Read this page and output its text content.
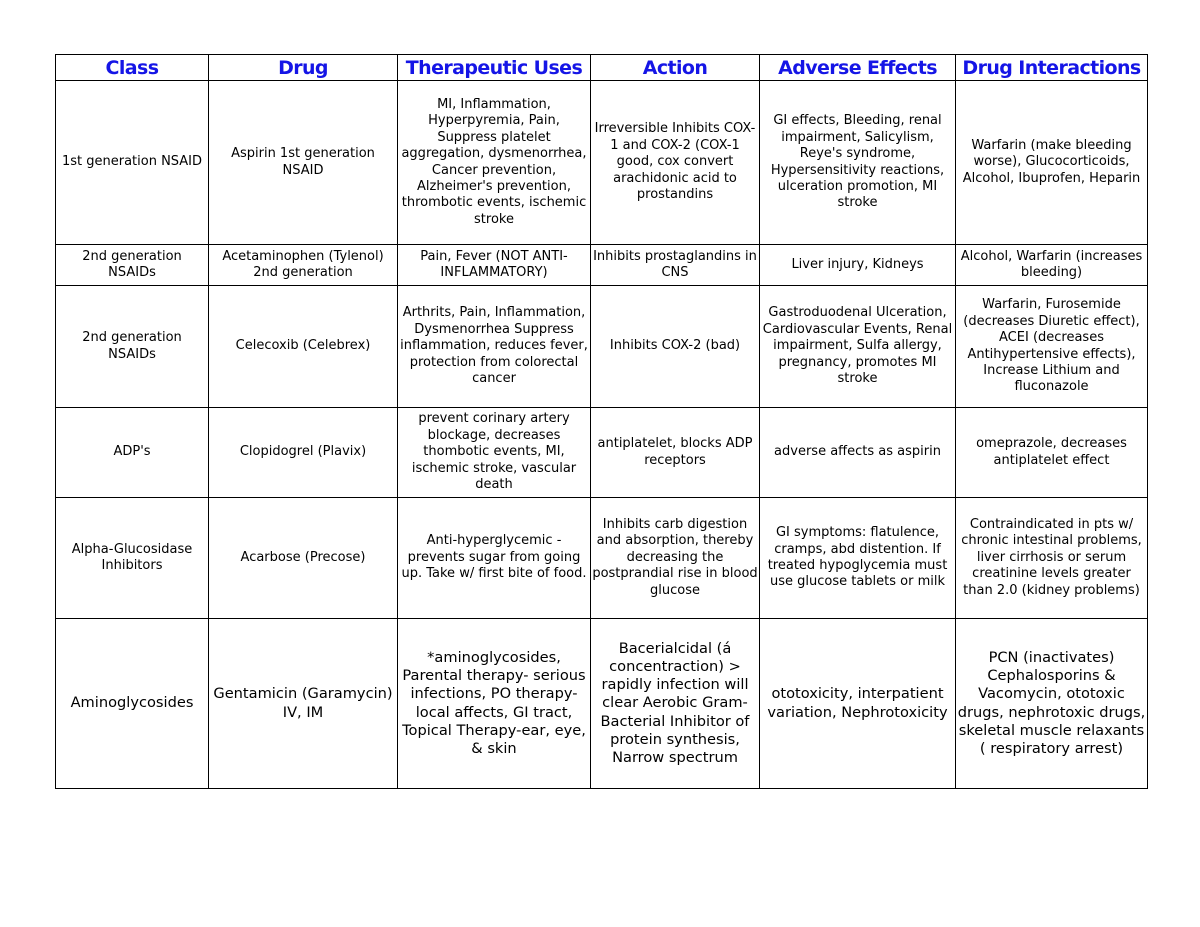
Class	Drug	Therapeutic Uses	Action	Adverse Effects	Drug Interactions
1st generation NSAID	Aspirin 1st generation NSAID	MI, Inflammation, Hyperpyremia, Pain, Suppress platelet aggregation, dysmenorrhea, Cancer prevention, Alzheimer's prevention, thrombotic events, ischemic stroke	Irreversible Inhibits COX-1 and COX-2 (COX-1 good, cox convert arachidonic acid to prostandins	GI effects, Bleeding, renal impairment, Salicylism, Reye's syndrome, Hypersensitivity reactions, ulceration promotion, MI stroke	Warfarin (make bleeding worse), Glucocorticoids, Alcohol, Ibuprofen, Heparin
2nd generation NSAIDs	Acetaminophen (Tylenol) 2nd generation	Pain, Fever (NOT ANTI-INFLAMMATORY)	Inhibits prostaglandins in CNS	Liver injury, Kidneys	Alcohol, Warfarin (increases bleeding)
2nd generation NSAIDs	Celecoxib (Celebrex)	Arthrits, Pain, Inflammation, Dysmenorrhea Suppress inflammation, reduces fever, protection from colorectal cancer	Inhibits COX-2 (bad)	Gastroduodenal Ulceration, Cardiovascular Events, Renal impairment, Sulfa allergy, pregnancy, promotes MI stroke	Warfarin, Furosemide (decreases Diuretic effect), ACEI (decreases Antihypertensive effects), Increase Lithium and fluconazole
ADP's	Clopidogrel (Plavix)	prevent corinary artery blockage, decreases thombotic events, MI, ischemic stroke, vascular death	antiplatelet, blocks ADP receptors	adverse affects as aspirin	omeprazole, decreases antiplatelet effect
Alpha-Glucosidase Inhibitors	Acarbose (Precose)	Anti-hyperglycemic - prevents sugar from going up. Take w/ first bite of food.	Inhibits carb digestion and absorption, thereby decreasing the postprandial rise in blood glucose	GI symptoms: flatulence, cramps, abd distention. If treated hypoglycemia must use glucose tablets or milk	Contraindicated in pts w/ chronic intestinal problems, liver cirrhosis or serum creatinine levels greater than 2.0 (kidney problems)
Aminoglycosides	Gentamicin (Garamycin) IV, IM	*aminoglycosides, Parental therapy- serious infections, PO therapy- local affects, GI tract, Topical Therapy-ear, eye, & skin	Bacerialcidal (á concentraction) > rapidly infection will clear Aerobic Gram-Bacterial Inhibitor of protein synthesis, Narrow spectrum	ototoxicity, interpatient variation, Nephrotoxicity	PCN (inactivates) Cephalosporins & Vacomycin, ototoxic drugs, nephrotoxic drugs, skeletal muscle relaxants ( respiratory arrest)
